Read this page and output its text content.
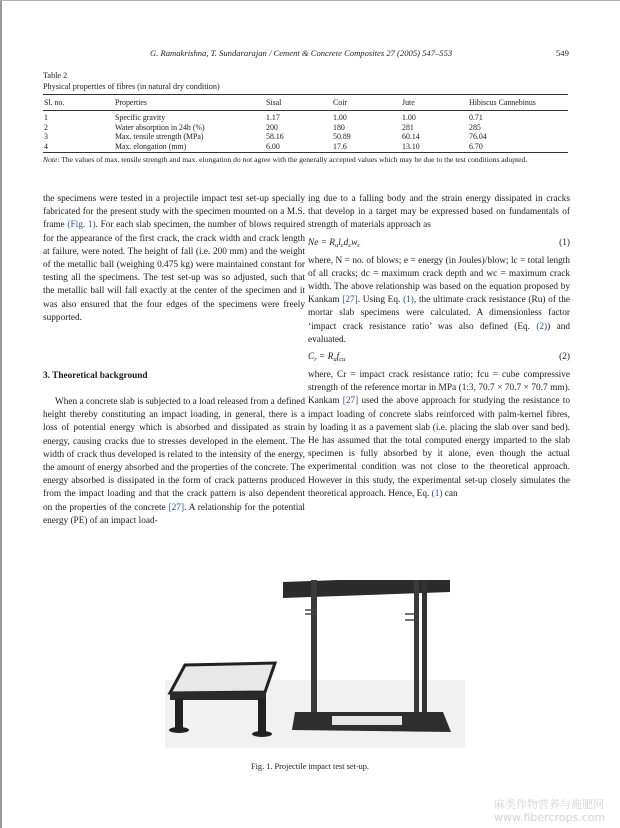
G. Ramakrishna, T. Sundararajan / Cement & Concrete Composites 27 (2005) 547–553	549
Table 2
Physical properties of fibres (in natural dry condition)
Sl. no.	Properties	Sisal	Coir	Jute	Hibiscus Cannebinus
1	Specific gravity	1.17	1.00	1.00	0.71
2	Water absorption in 24h (%)	200	180	281	285
3	Max. tensile strength (MPa)	58.16	50.89	60.14	76.04
4	Max. elongation (mm)	6.00	17.6	13.10	6.70
Note: The values of max. tensile strength and max. elongation do not agree with the generally accepted values which may be due to the test conditions adopted.

the specimens were tested in a projectile impact test set-up specially fabricated for the present study with the specimen mounted on a M.S. frame (Fig. 1). For each slab specimen, the number of blows required for the appearance of the first crack, the crack width and crack length at failure, were noted. The height of fall (i.e. 200 mm) and the weight of the metallic ball (weighing 0.475 kg) were maintained constant for testing all the specimens. The test set-up was so adjusted, such that the metallic ball will fall exactly at the center of the specimen and it was also ensured that the four edges of the specimens were freely supported.

3. Theoretical background

When a concrete slab is subjected to a load released from a defined height thereby constituting an impact loading, in general, there is a loss of potential energy which is absorbed and dissipated as strain energy, causing cracks due to stresses developed in the element. The width of crack thus developed is related to the intensity of the energy, the amount of energy absorbed and the properties of the concrete. The energy absorbed is dissipated in the form of crack patterns produced from the impact loading and that the crack pattern is also dependent on the properties of the concrete [27]. A relationship for the potential energy (PE) of an impact load-

ing due to a falling body and the strain energy dissipated in cracks that develop in a target may be expressed based on fundamentals of strength of materials approach as

$Ne = R_ul_cd_cw_c$	(1)

where, N = no. of blows; e = energy (in Joules)/blow; lc = total length of all cracks; dc = maximum crack depth and wc = maximum crack width. The above relationship was based on the equation proposed by Kankam [27]. Using Eq. (1), the ultimate crack resistance (Ru) of the mortar slab specimens were calculated. A dimensionless factor ‘impact crack resistance ratio’ was also defined (Eq. (2)) and evaluated.

$C_r = R_uf_{cu}$	(2)

where, Cr = impact crack resistance ratio; fcu = cube compressive strength of the reference mortar in MPa (1:3, 70.7 × 70.7 × 70.7 mm). Kankam [27] used the above approach for studying the resistance to impact loading of concrete slabs reinforced with palm-kernel fibres, by loading it as a pavement slab (i.e. placing the slab over sand bed). He has assumed that the total computed energy imparted to the slab specimen is fully absorbed by it alone, even though the actual experimental condition was not close to the theoretical approach. However in this study, the experimental set-up closely simulates the theoretical approach. Hence, Eq. (1) can

Fig. 1. Projectile impact test set-up.
麻类作物营养与施肥网
www.fibercrops.com
